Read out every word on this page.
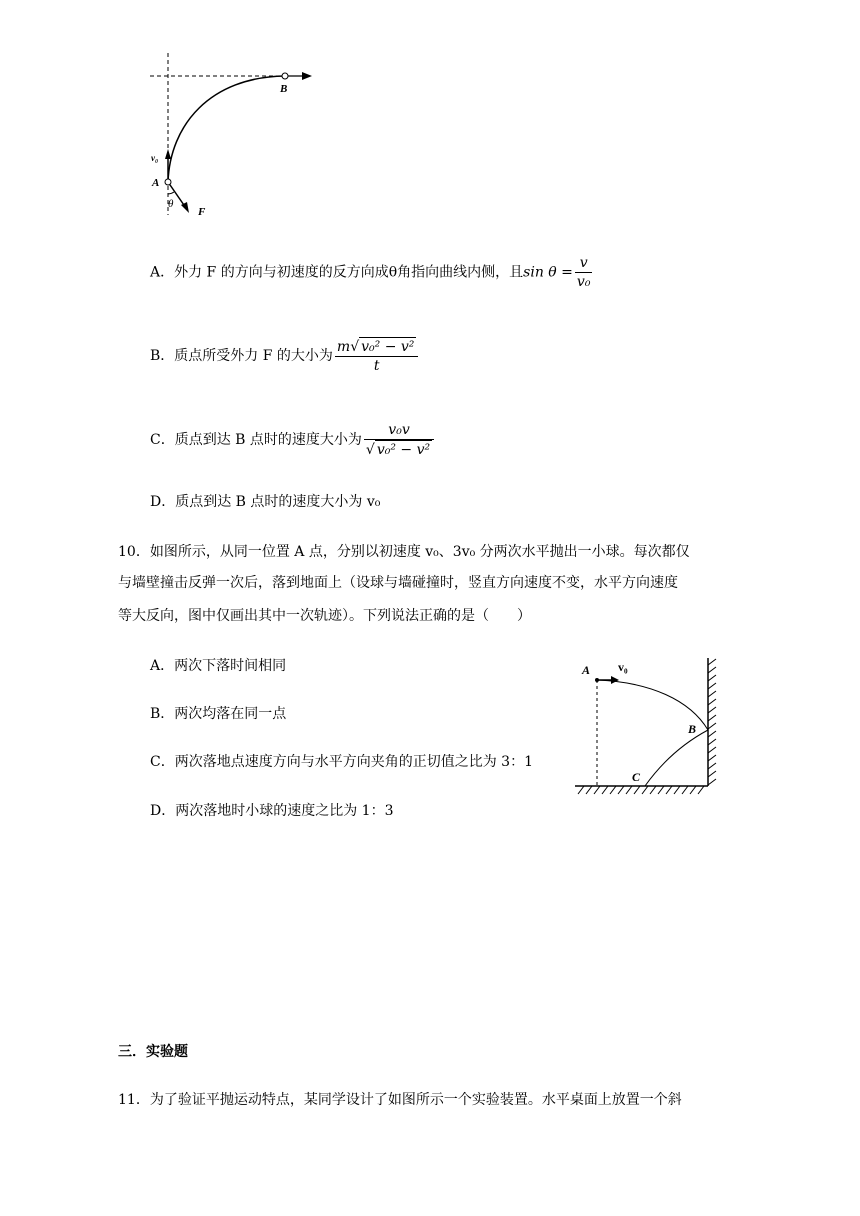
B
A
v₀
θ
F
A．外力 F 的方向与初速度的反方向成θ角指向曲线内侧，且$\sin \theta = \frac{v}{\text{v₀}}$
B．质点所受外力 F 的大小为 $\frac{\text{m√ v₀² − v²}}{t}$
C．质点到达 B 点时的速度大小为 $\frac{\text{v₀v}}{\text{√ v₀² − v²}}$
D．质点到达 B 点时的速度大小为 v₀
10．如图所示，从同一位置 A 点，分别以初速度 v₀、3v₀ 分两次水平抛出一小球。每次都仅
与墙壁撞击反弹一次后，落到地面上（设球与墙碰撞时，竖直方向速度不变，水平方向速度
等大反向，图中仅画出其中一次轨迹）。下列说法正确的是（　　）
A．两次下落时间相同
B．两次均落在同一点
C．两次落地点速度方向与水平方向夹角的正切值之比为 3：1
D．两次落地时小球的速度之比为 1：3
A v₀
B
C
三．实验题
11．为了验证平抛运动特点，某同学设计了如图所示一个实验装置。水平桌面上放置一个斜
